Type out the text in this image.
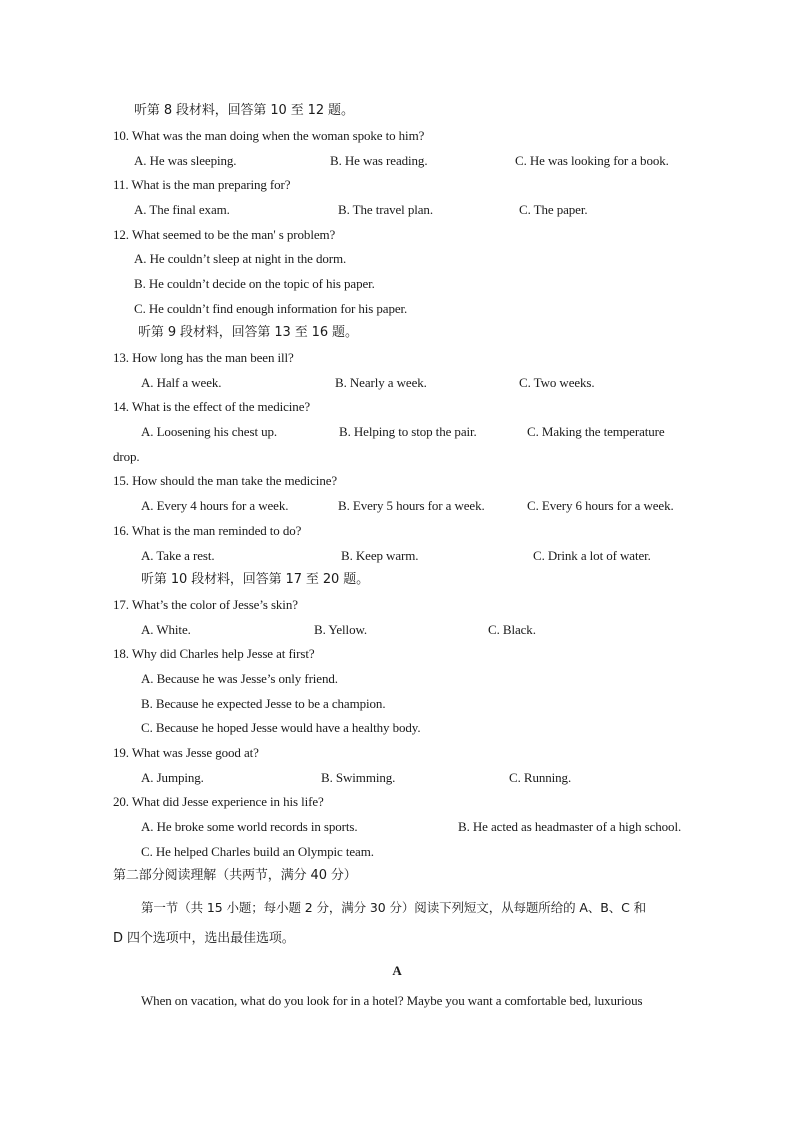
听第 8 段材料，回答第 10 至 12 题。
10. What was the man doing when the woman spoke to him?
A. He was sleeping.	B. He was reading.	C. He was looking for a book.
11. What is the man preparing for?
A. The final exam.	B. The travel plan.	C. The paper.
12. What seemed to be the man' s problem?
A. He couldn’t sleep at night in the dorm.
B. He couldn’t decide on the topic of his paper.
C. He couldn’t find enough information for his paper.
听第 9 段材料，回答第 13 至 16 题。
13. How long has the man been ill?
A. Half a week.	B. Nearly a week.	C. Two weeks.
14. What is the effect of the medicine?
A. Loosening his chest up.	B. Helping to stop the pair.	C. Making the temperature
drop.
15. How should the man take the medicine?
A. Every 4 hours for a week.	B. Every 5 hours for a week.	C. Every 6 hours for a week.
16. What is the man reminded to do?
A. Take a rest.	B. Keep warm.	C. Drink a lot of water.
听第 10 段材料，回答第 17 至 20 题。
17. What’s the color of Jesse’s skin?
A. White.	B. Yellow.	C. Black.
18. Why did Charles help Jesse at first?
A. Because he was Jesse’s only friend.
B. Because he expected Jesse to be a champion.
C. Because he hoped Jesse would have a healthy body.
19. What was Jesse good at?
A. Jumping.	B. Swimming.	C. Running.
20. What did Jesse experience in his life?
A. He broke some world records in sports.	B. He acted as headmaster of a high school.
C. He helped Charles build an Olympic team.
第二部分阅读理解（共两节，满分 40 分）
第一节（共 15 小题；每小题 2 分，满分 30 分）阅读下列短文，从每题所给的 A、B、C 和
D 四个选项中，选出最佳选项。
A
When on vacation, what do you look for in a hotel? Maybe you want a comfortable bed, luxurious
